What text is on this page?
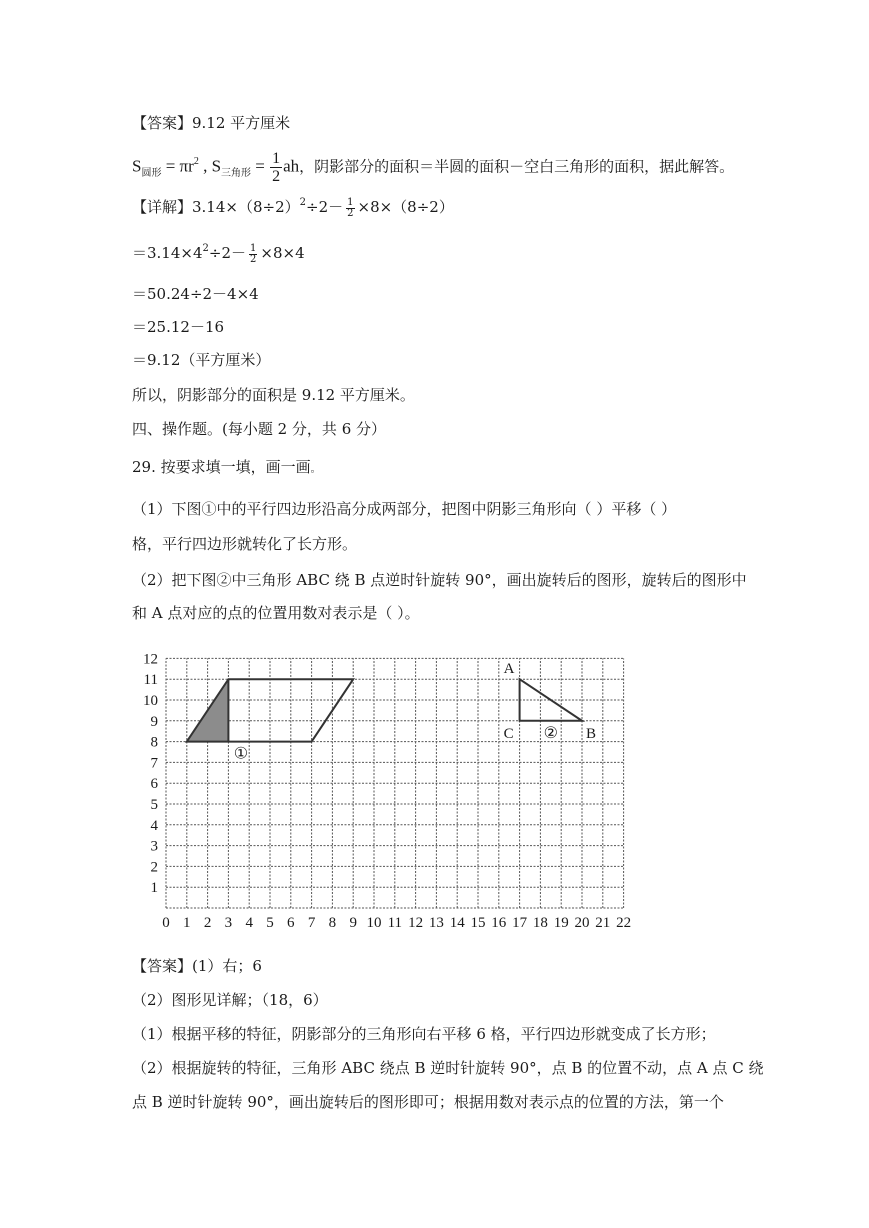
【答案】9.12 平方厘米
$S_{圆形} = \pi r^2$ , $S_{三角形} = \frac{1}{2}$ ah，阴影部分的面积＝半圆的面积－空白三角形的面积，据此解答。
【详解】$3.14\times(8\div 2)^2\div 2- \frac{1}{2} \times 8\times(8\div 2)$
$=3.14\times 4^2\div 2- \frac{1}{2} \times 8\times 4$
＝50.24÷2－4×4
＝25.12－16
＝9.12（平方厘米）
所以，阴影部分的面积是 9.12 平方厘米。
四、操作题。(每小题 2 分，共 6 分）
29. 按要求填一填，画一画。
（1）下图①中的平行四边形沿高分成两部分，把图中阴影三角形向（ ）平移（ ）
格，平行四边形就转化了长方形。
（2）把下图②中三角形 ABC 绕 B 点逆时针旋转 90°，画出旋转后的图形，旋转后的图形中
和 A 点对应的点的位置用数对表示是（ ）。
0 1 2 3 4 5 6 7 8 9 10 11 12 13 14 15 16 17 18 19 20 21 22
1
2
3
4
5
6
7
8
9
10
11
12
A
C	B
①
②
【答案】(1）右；6
（2）图形见详解；（18，6）
（1）根据平移的特征，阴影部分的三角形向右平移 6 格，平行四边形就变成了长方形；
（2）根据旋转的特征，三角形 ABC 绕点 B 逆时针旋转 90°，点 B 的位置不动，点 A 点 C 绕
点 B 逆时针旋转 90°，画出旋转后的图形即可；根据用数对表示点的位置的方法，第一个
